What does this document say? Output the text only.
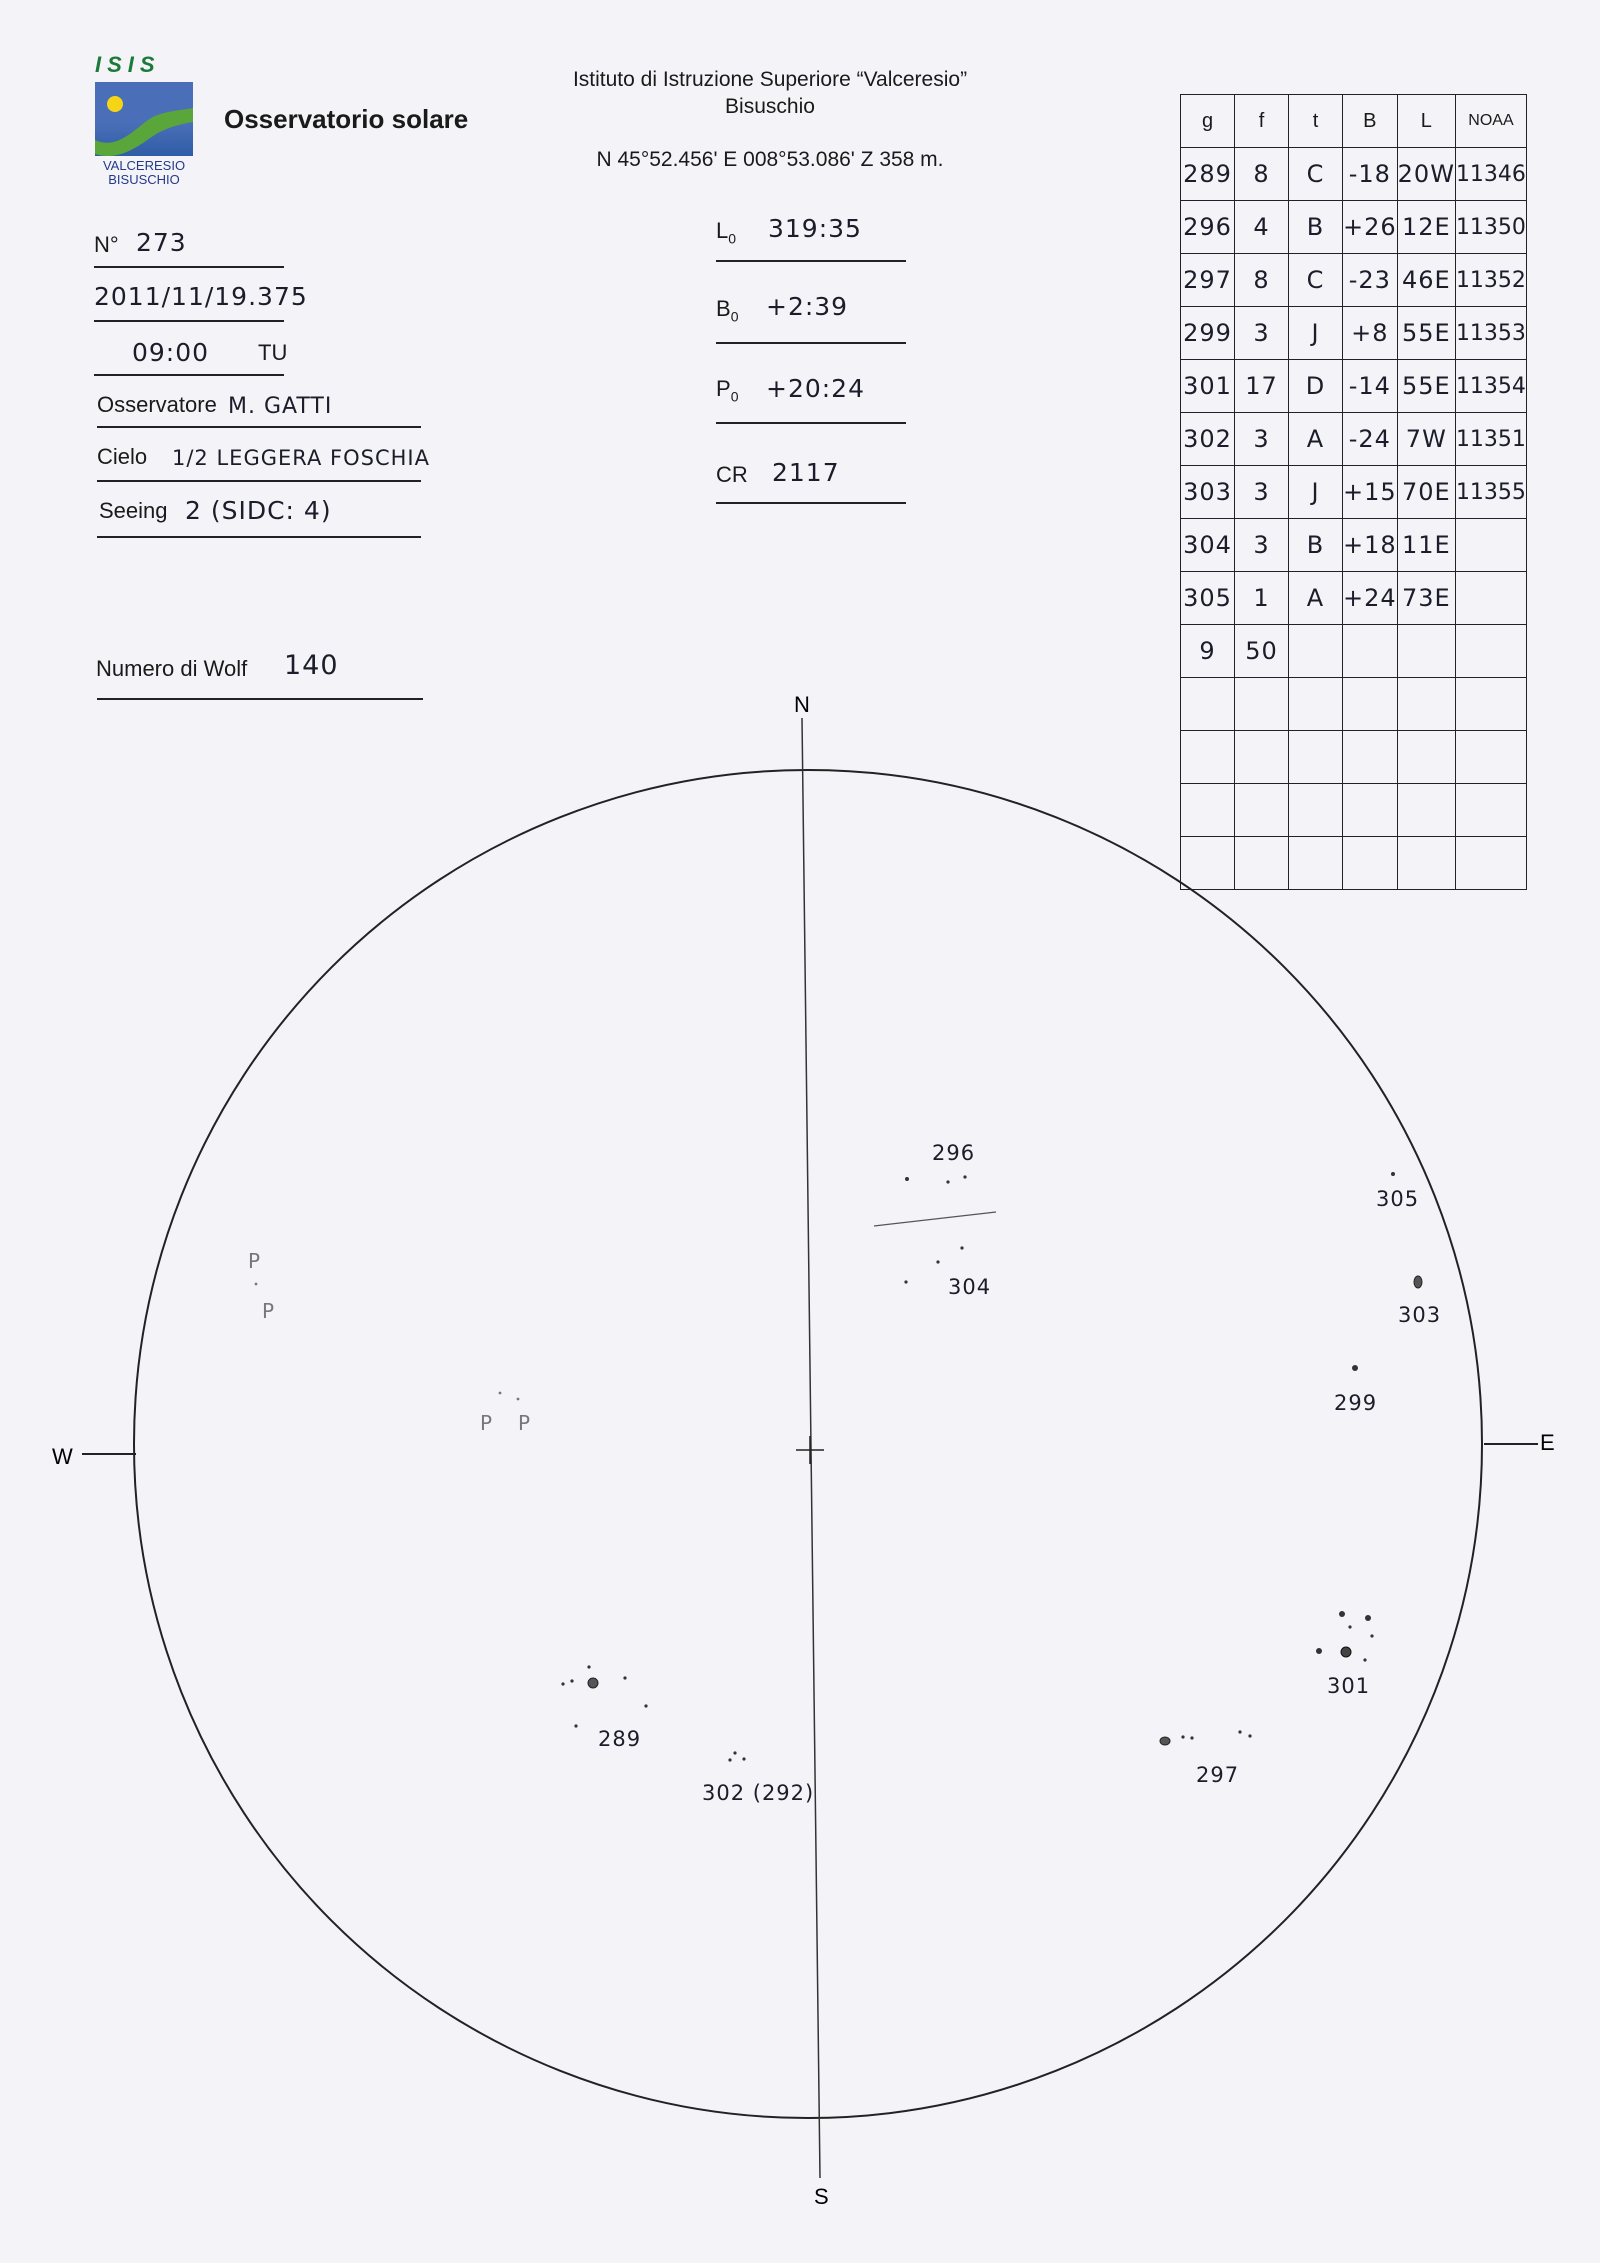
ISIS
VALCERESIO
BISUSCHIO
Osservatorio solare
Istituto di Istruzione Superiore “Valceresio”
Bisuschio
N 45°52.456' E 008°53.086' Z 358 m.
N° 273
2011/11/19.375
09:00 TU
Osservatore M. GATTI
Cielo 1/2 LEGGERA FOSCHIA
Seeing 2 (SIDC: 4)
Numero di Wolf 140
$L_0$ 319:35
$B_0$ +2:39
$P_0$ +20:24
CR 2117
g	f	t	B	L	NOAA
289	8	C	-18	20W	11346
296	4	B	+26	12E	11350
297	8	C	-23	46E	11352
299	3	J	+8	55E	11353
301	17	D	-14	55E	11354
302	3	A	-24	7W	11351
303	3	J	+15	70E	11355
304	3	B	+18	11E	
305	1	A	+24	73E	
9	50				

N
S
E
W
296
304
305
303
299
301
297
289
302 (292)
P
P
P P
